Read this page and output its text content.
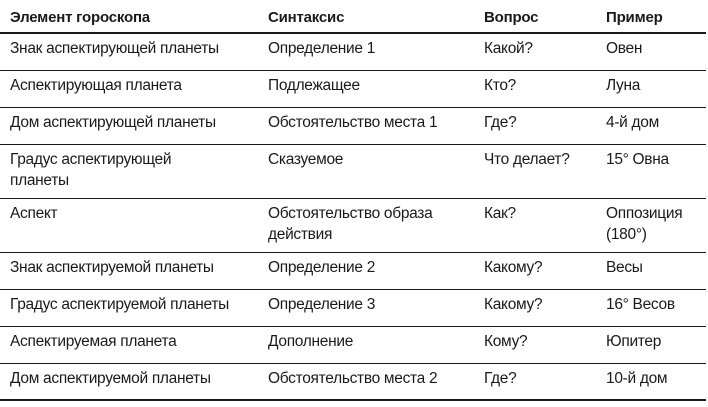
Элемент гороскопа	Синтаксис	Вопрос	Пример
Знак аспектирующей планеты	Определение 1	Какой?	Овен
Аспектирующая планета	Подлежащее	Кто?	Луна
Дом аспектирующей планеты	Обстоятельство места 1	Где?	4-й дом
Градус аспектирующей планеты	Сказуемое	Что делает?	15° Овна
Аспект	Обстоятельство образа действия	Как?	Оппозиция (180°)
Знак аспектируемой планеты	Определение 2	Какому?	Весы
Градус аспектируемой планеты	Определение 3	Какому?	16° Весов
Аспектируемая планета	Дополнение	Кому?	Юпитер
Дом аспектируемой планеты	Обстоятельство места 2	Где?	10-й дом
